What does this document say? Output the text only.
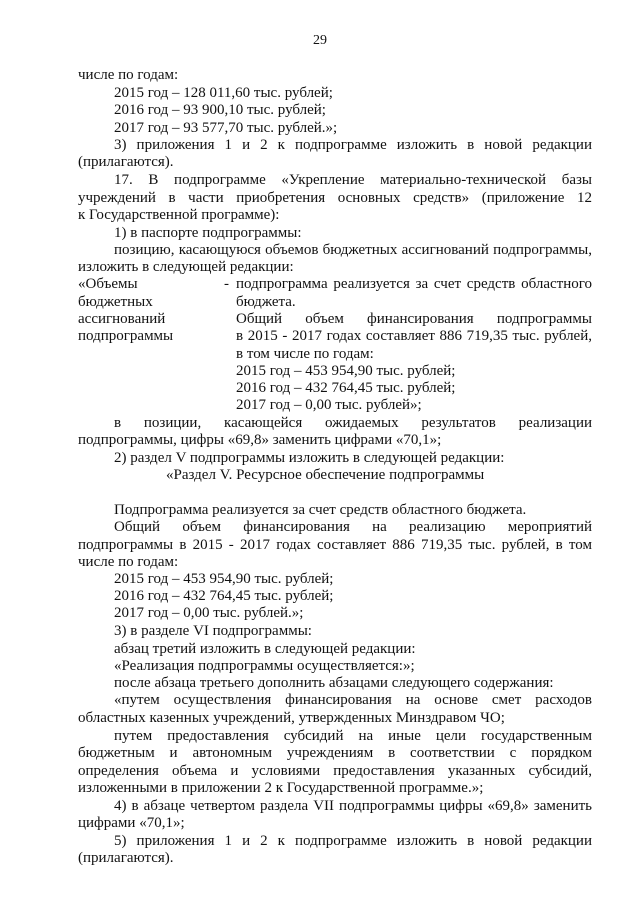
29
числе по годам:
2015 год – 128 011,60 тыс. рублей;
2016 год – 93 900,10 тыс. рублей;
2017 год – 93 577,70 тыс. рублей.»;
3) приложения 1 и 2 к подпрограмме изложить в новой редакции
(прилагаются).
17. В подпрограмме «Укрепление материально-технической базы
учреждений в части приобретения основных средств» (приложение 12
к Государственной программе):
1) в паспорте подпрограммы:
позицию, касающуюся объемов бюджетных ассигнований подпрограммы,
изложить в следующей редакции:
«Объемы
бюджетных
ассигнований
подпрограммы
- подпрограмма реализуется за счет средств областного
бюджета.
Общий объем финансирования подпрограммы
в 2015 - 2017 годах составляет 886 719,35 тыс. рублей,
в том числе по годам:
2015 год – 453 954,90 тыс. рублей;
2016 год – 432 764,45 тыс. рублей;
2017 год – 0,00 тыс. рублей»;
в позиции, касающейся ожидаемых результатов реализации
подпрограммы, цифры «69,8» заменить цифрами «70,1»;
2) раздел V подпрограммы изложить в следующей редакции:
«Раздел V. Ресурсное обеспечение подпрограммы
Подпрограмма реализуется за счет средств областного бюджета.
Общий объем финансирования на реализацию мероприятий
подпрограммы в 2015 - 2017 годах составляет 886 719,35 тыс. рублей, в том
числе по годам:
2015 год – 453 954,90 тыс. рублей;
2016 год – 432 764,45 тыс. рублей;
2017 год – 0,00 тыс. рублей.»;
3) в разделе VI подпрограммы:
абзац третий изложить в следующей редакции:
«Реализация подпрограммы осуществляется:»;
после абзаца третьего дополнить абзацами следующего содержания:
«путем осуществления финансирования на основе смет расходов
областных казенных учреждений, утвержденных Минздравом ЧО;
путем предоставления субсидий на иные цели государственным
бюджетным и автономным учреждениям в соответствии с порядком
определения объема и условиями предоставления указанных субсидий,
изложенными в приложении 2 к Государственной программе.»;
4) в абзаце четвертом раздела VII подпрограммы цифры «69,8» заменить
цифрами «70,1»;
5) приложения 1 и 2 к подпрограмме изложить в новой редакции
(прилагаются).
